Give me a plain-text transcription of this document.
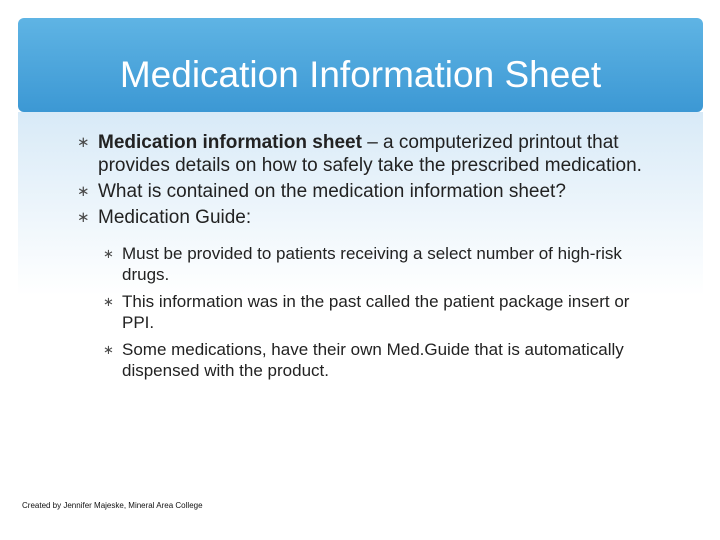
Medication Information Sheet
∗ Medication information sheet – a computerized printout that provides details on how to safely take the prescribed medication.
∗ What is contained on the medication information sheet?
∗ Medication Guide:
∗ Must be provided to patients receiving a select number of high-risk drugs.
∗ This information was in the past called the patient package insert or PPI.
∗ Some medications, have their own Med.Guide that is automatically dispensed with the product.

Created by Jennifer Majeske, Mineral Area College
